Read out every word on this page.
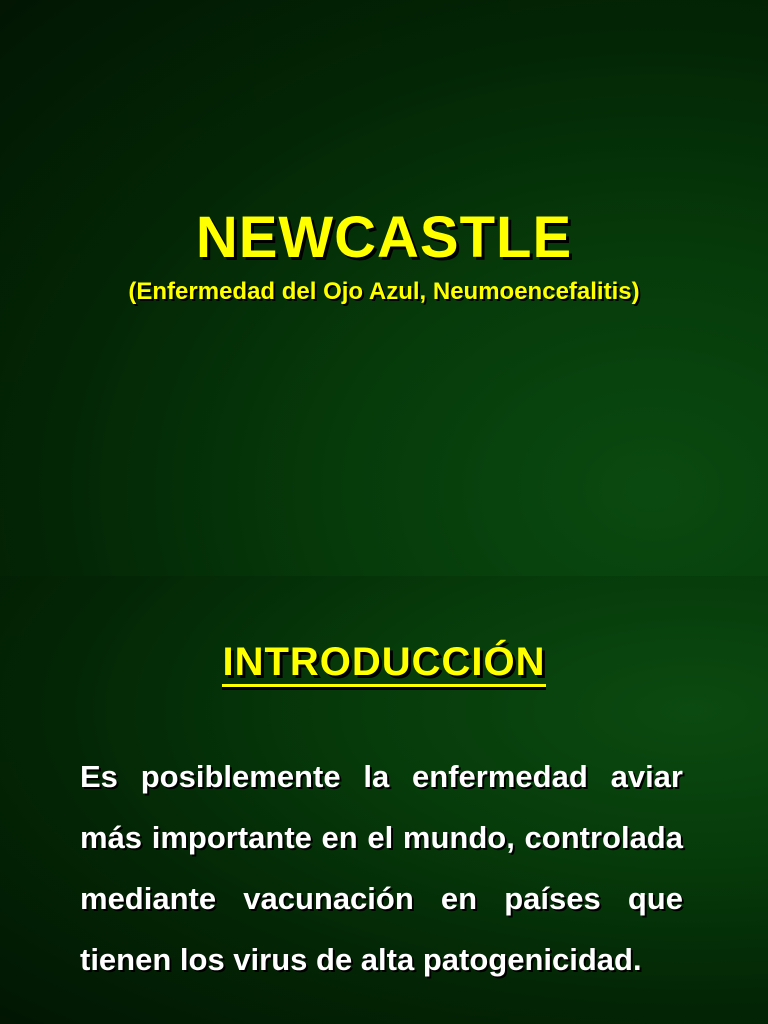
NEWCASTLE
(Enfermedad del Ojo Azul, Neumoencefalitis)
INTRODUCCIÓN
Es posiblemente la enfermedad aviar más importante en el mundo, controlada mediante vacunación en países que tienen los virus de alta patogenicidad.
